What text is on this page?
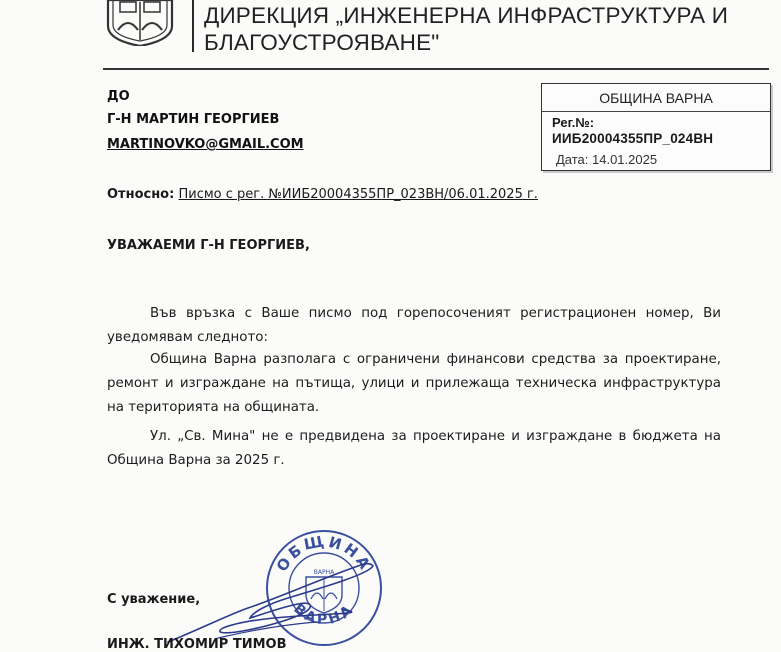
ДИРЕКЦИЯ „ИНЖЕНЕРНА ИНФРАСТРУКТУРА И
БЛАГОУСТРОЯВАНЕ"
ДО
Г-Н МАРТИН ГЕОРГИЕВ
MARTINOVKO@GMAIL.COM
ОБЩИНА ВАРНА
Рег.№:
ИИБ20004355ПР_024ВН
Дата: 14.01.2025
Относно: Писмо с рег. №ИИБ20004355ПР_023ВН/06.01.2025 г.
УВАЖАЕМИ Г-Н ГЕОРГИЕВ,
Във връзка с Ваше писмо под горепосоченият регистрационен номер, Ви уведомявам следното:
Община Варна разполага с ограничени финансови средства за проектиране, ремонт и изграждане на пътища, улици и прилежаща техническа инфраструктура на територията на общината.
Ул. „Св. Мина" не е предвидена за проектиране и изграждане в бюджета на Община Варна за 2025 г.
ОБЩИНА
ВАРНА
ВАРНА
С уважение,
ИНЖ. ТИХОМИР ТИМОВ
